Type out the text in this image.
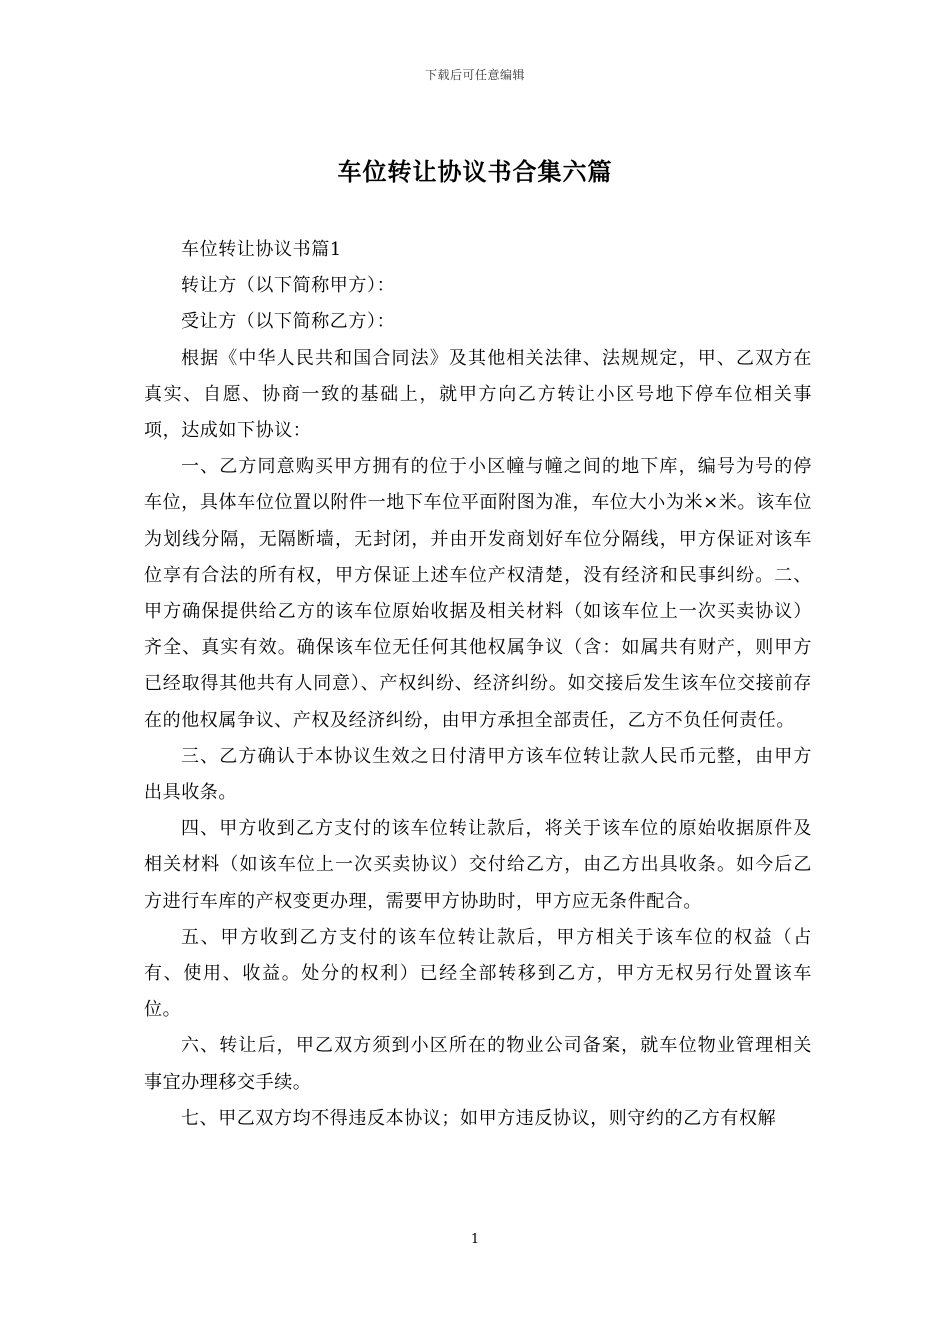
下载后可任意编辑
车位转让协议书合集六篇

车位转让协议书篇1

转让方（以下简称甲方）：

受让方（以下简称乙方）：

根据《中华人民共和国合同法》及其他相关法律、法规规定，甲、乙双方在真实、自愿、协商一致的基础上，就甲方向乙方转让小区号地下停车位相关事项，达成如下协议：

一、乙方同意购买甲方拥有的位于小区幢与幢之间的地下库，编号为号的停车位，具体车位位置以附件一地下车位平面附图为准，车位大小为米×米。该车位为划线分隔，无隔断墙，无封闭，并由开发商划好车位分隔线，甲方保证对该车位享有合法的所有权，甲方保证上述车位产权清楚，没有经济和民事纠纷。二、甲方确保提供给乙方的该车位原始收据及相关材料（如该车位上一次买卖协议）齐全、真实有效。确保该车位无任何其他权属争议（含：如属共有财产，则甲方已经取得其他共有人同意）、产权纠纷、经济纠纷。如交接后发生该车位交接前存在的他权属争议、产权及经济纠纷，由甲方承担全部责任，乙方不负任何责任。

三、乙方确认于本协议生效之日付清甲方该车位转让款人民币元整，由甲方出具收条。

四、甲方收到乙方支付的该车位转让款后，将关于该车位的原始收据原件及相关材料（如该车位上一次买卖协议）交付给乙方，由乙方出具收条。如今后乙方进行车库的产权变更办理，需要甲方协助时，甲方应无条件配合。

五、甲方收到乙方支付的该车位转让款后，甲方相关于该车位的权益（占有、使用、收益。处分的权利）已经全部转移到乙方，甲方无权另行处置该车位。

六、转让后，甲乙双方须到小区所在的物业公司备案，就车位物业管理相关事宜办理移交手续。

七、甲乙双方均不得违反本协议；如甲方违反协议，则守约的乙方有权解

1
